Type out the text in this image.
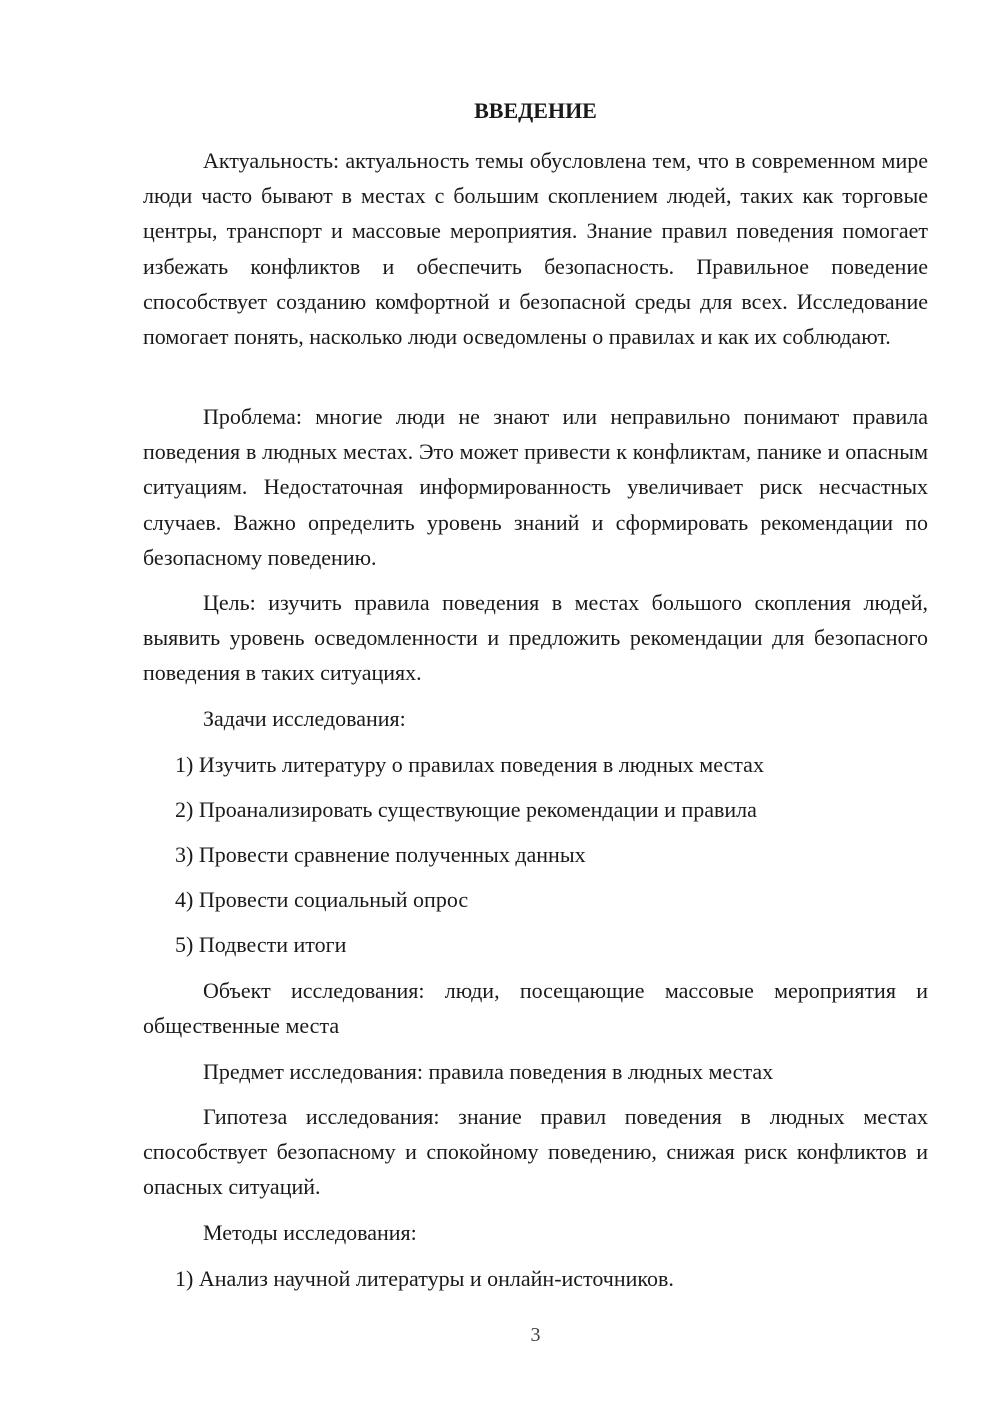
ВВЕДЕНИЕ

Актуальность: актуальность темы обусловлена тем, что в современном мире люди часто бывают в местах с большим скоплением людей, таких как торговые центры, транспорт и массовые мероприятия. Знание правил поведения помогает избежать конфликтов и обеспечить безопасность. Правильное поведение способствует созданию комфортной и безопасной среды для всех. Исследование помогает понять, насколько люди осведомлены о правилах и как их соблюдают.

Проблема: многие люди не знают или неправильно понимают правила поведения в людных местах. Это может привести к конфликтам, панике и опасным ситуациям. Недостаточная информированность увеличивает риск несчастных случаев. Важно определить уровень знаний и сформировать рекомендации по безопасному поведению.

Цель: изучить правила поведения в местах большого скопления людей, выявить уровень осведомленности и предложить рекомендации для безопасного поведения в таких ситуациях.

Задачи исследования:

1) Изучить литературу о правилах поведения в людных местах

2) Проанализировать существующие рекомендации и правила

3) Провести сравнение полученных данных

4) Провести социальный опрос

5) Подвести итоги

Объект исследования: люди, посещающие массовые мероприятия и общественные места

Предмет исследования: правила поведения в людных местах

Гипотеза исследования: знание правил поведения в людных местах способствует безопасному и спокойному поведению, снижая риск конфликтов и опасных ситуаций.

Методы исследования:

1) Анализ научной литературы и онлайн-источников.

3
